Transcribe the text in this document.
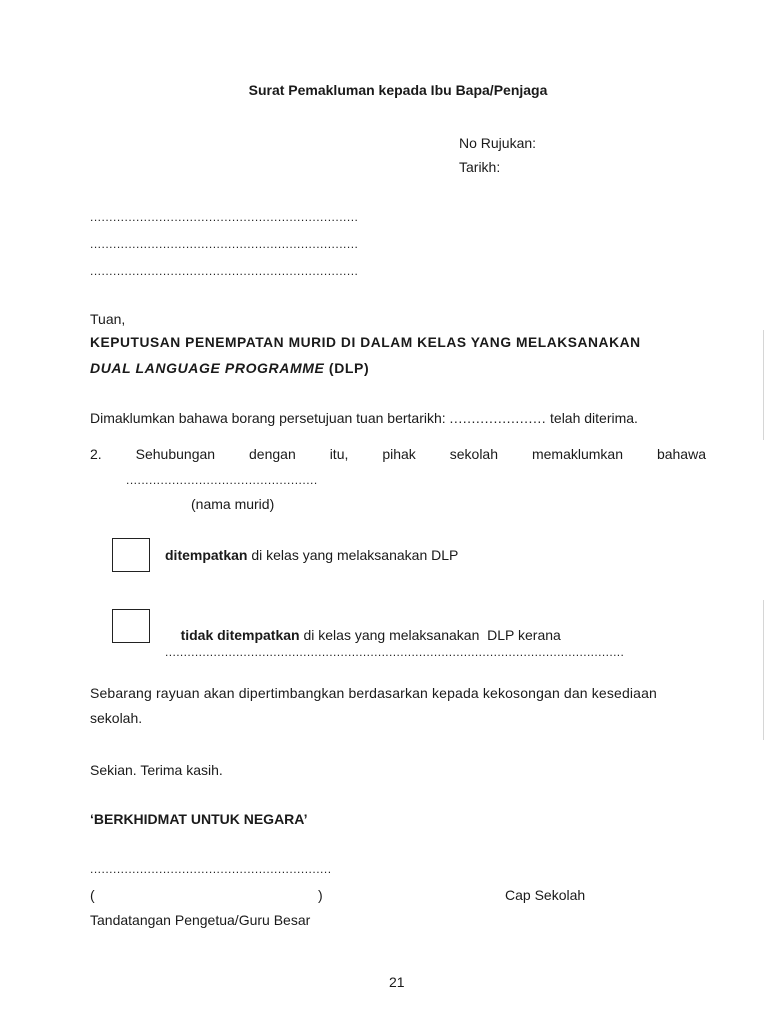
Surat Pemakluman kepada Ibu Bapa/Penjaga
No Rujukan:
Tarikh:
......................................................................
......................................................................
......................................................................
Tuan,
KEPUTUSAN PENEMPATAN MURID DI DALAM KELAS YANG MELAKSANAKAN
DUAL LANGUAGE PROGRAMME (DLP)
Dimaklumkan bahawa borang persetujuan tuan bertarikh: ...................... telah diterima.
2. Sehubungan dengan itu, pihak sekolah memaklumkan bahawa
..................................................
(nama murid)
ditempatkan di kelas yang melaksanakan DLP

tidak ditempatkan di kelas yang melaksanakan  DLP kerana

...........................................................................................................................
Sebarang rayuan akan dipertimbangkan berdasarkan kepada kekosongan dan kesediaan
sekolah.
Sekian. Terima kasih.
‘BERKHIDMAT UNTUK NEGARA’
...............................................................
(	)	Cap Sekolah
Tandatangan Pengetua/Guru Besar
21
